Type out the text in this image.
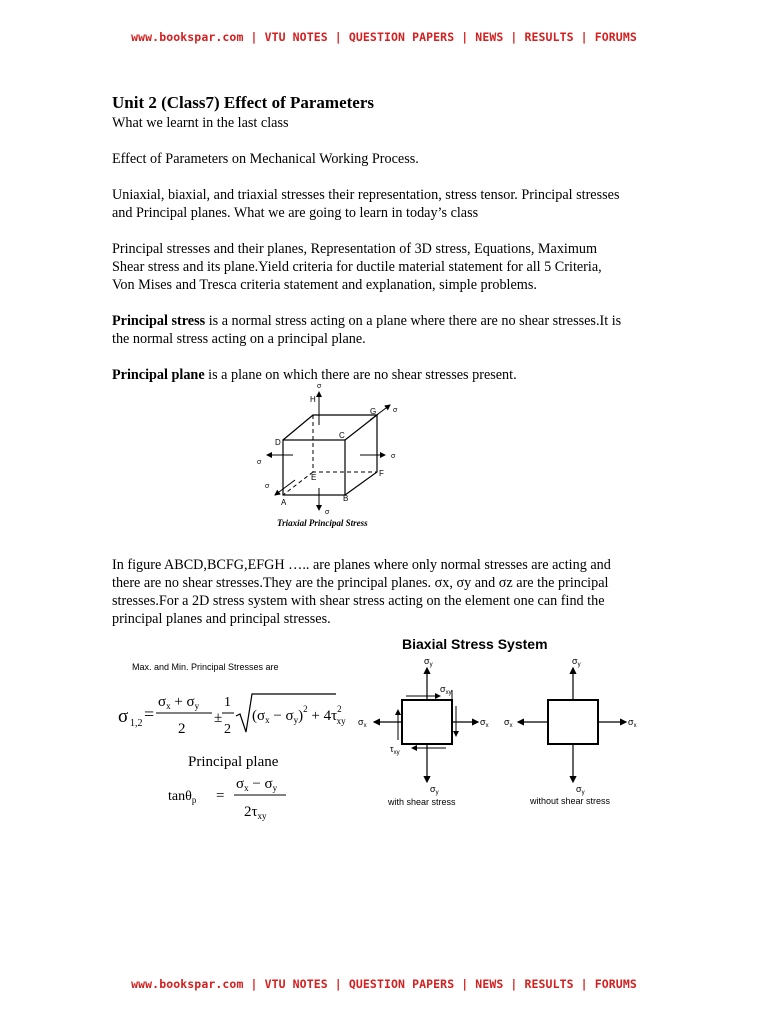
www.bookspar.com | VTU NOTES | QUESTION PAPERS | NEWS | RESULTS | FORUMS
Unit 2 (Class7) Effect of Parameters

What we learnt in the last class

Effect of Parameters on Mechanical Working Process.

Uniaxial, biaxial, and triaxial stresses their representation, stress tensor. Principal stresses

and Principal planes. What we are going to learn in today’s class

Principal stresses and their planes, Representation of 3D stress, Equations, Maximum

Shear stress and its plane.Yield criteria for ductile material statement for all 5 Criteria,

Von Mises and Tresca criteria statement and explanation, simple problems.

Principal stress is a normal stress acting on a plane where there are no shear stresses.It is

the normal stress acting on a principal plane.

Principal plane is a plane on which there are no shear stresses present.

In figure ABCD,BCFG,EFGH ….. are planes where only normal stresses are acting and

there are no shear stresses.They are the principal planes. σx, σy and σz are the principal

stresses.For a 2D stress system with shear stress acting on the element one can find the

principal planes and principal stresses.

H
G
C
D
E	F
A	B
σ
σ
σ
σ
σ
σ
Triaxial Principal Stress
Biaxial Stress System
Max. and Min. Principal Stresses are
σ 1,2 =
$\sigma_x + \sigma_y$
2
±
1
2
$(\sigma_x - \sigma_y)^2 + 4\tau^2$ xy
Principal plane
tanθ$_p$ =
$\sigma_x - \sigma_y$
$2\tau_{xy}$
$\sigma_y$
$\sigma_{xy}$
$\sigma_x$	$\sigma_x$
$\tau_{xy}$
$\sigma_y$
with shear stress
$\sigma_y$
$\sigma_x$	$\sigma_x$
$\sigma_y$
without shear stress
www.bookspar.com | VTU NOTES | QUESTION PAPERS | NEWS | RESULTS | FORUMS
